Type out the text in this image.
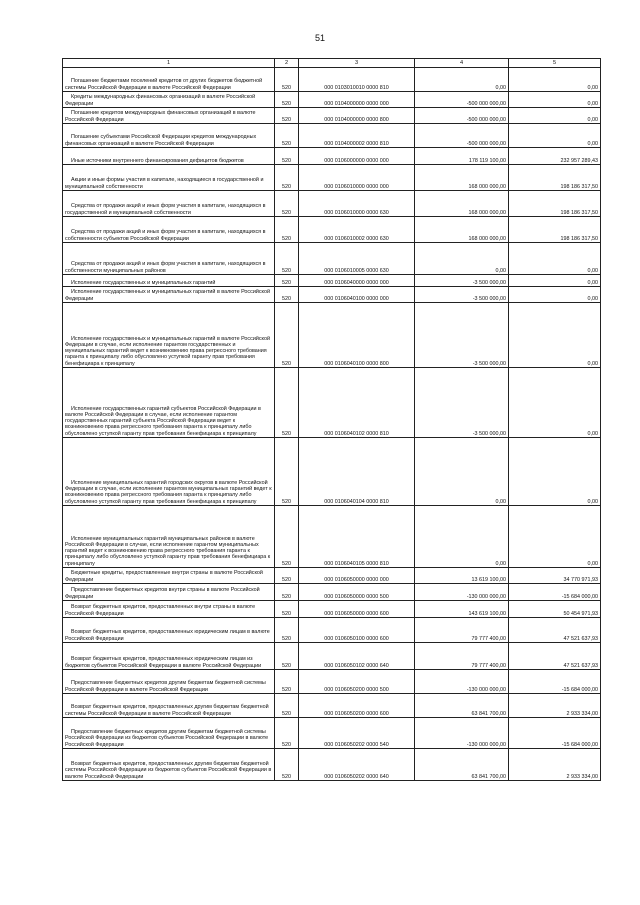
51
1	2	3	4	5
Погашение бюджетами поселений кредитов от других бюджетов бюджетной системы Российской Федерации в валюте Российской Федерации	520	000 0103010010 0000 810	0,00	0,00
Кредиты международных финансовых организаций в валюте Российской Федерации	520	000 0104000000 0000 000	-500 000 000,00	0,00
Погашение кредитов международных финансовых организаций в валюте Российской Федерации	520	000 0104000000 0000 800	-500 000 000,00	0,00
Погашение субъектами Российской Федерации кредитов международных финансовых организаций в валюте Российской Федерации	520	000 0104000002 0000 810	-500 000 000,00	0,00
Иные источники внутреннего финансирования дефицитов бюджетов	520	000 0106000000 0000 000	178 119 100,00	232 957 289,43
Акции и иные формы участия в капитале, находящиеся в государственной и муниципальной собственности	520	000 0106010000 0000 000	168 000 000,00	198 186 317,50
Средства от продажи акций и иных форм участия в капитале, находящихся в государственной и муниципальной собственности	520	000 0106010000 0000 630	168 000 000,00	198 186 317,50
Средства от продажи акций и иных форм участия в капитале, находящихся в собственности субъектов Российской Федерации	520	000 0106010002 0000 630	168 000 000,00	198 186 317,50
Средства от продажи акций и иных форм участия в капитале, находящихся в собственности муниципальных районов	520	000 0106010005 0000 630	0,00	0,00
Исполнение государственных и муниципальных гарантий	520	000 0106040000 0000 000	-3 500 000,00	0,00
Исполнение государственных и муниципальных гарантий в валюте Российской Федерации	520	000 0106040100 0000 000	-3 500 000,00	0,00
Исполнение государственных и муниципальных гарантий в валюте Российской Федерации в случае, если исполнение гарантом государственных и муниципальных гарантий ведет к возникновению права регрессного требования гаранта к принципалу либо обусловлено уступкой гаранту прав требования бенефициара к принципалу	520	000 0106040100 0000 800	-3 500 000,00	0,00
Исполнение государственных гарантий субъектов Российской Федерации в валюте Российской Федерации в случае, если исполнение гарантом государственных гарантий субъекта Российской Федерации ведет к возникновению права регрессного требования гаранта к принципалу либо обусловлено уступкой гаранту прав требования бенефициара к принципалу	520	000 0106040102 0000 810	-3 500 000,00	0,00
Исполнение муниципальных гарантий городских округов в валюте Российской Федерации в случае, если исполнение гарантом муниципальных гарантий ведет к возникновению права регрессного требования гаранта к принципалу либо обусловлено уступкой гаранту прав требования бенефициара к принципалу	520	000 0106040104 0000 810	0,00	0,00
Исполнение муниципальных гарантий муниципальных районов в валюте Российской Федерации в случае, если исполнение гарантом муниципальных гарантий ведет к возникновению права регрессного требования гаранта к принципалу либо обусловлено уступкой гаранту прав требования бенефициара к принципалу	520	000 0106040105 0000 810	0,00	0,00
Бюджетные кредиты, предоставленные внутри страны в валюте Российской Федерации	520	000 0106050000 0000 000	13 619 100,00	34 770 971,93
Предоставление бюджетных кредитов внутри страны в валюте Российской Федерации	520	000 0106050000 0000 500	-130 000 000,00	-15 684 000,00
Возврат бюджетных кредитов, предоставленных внутри страны в валюте Российской Федерации	520	000 0106050000 0000 600	143 619 100,00	50 454 971,93
Возврат бюджетных кредитов, предоставленных юридическим лицам в валюте Российской Федерации	520	000 0106050100 0000 600	79 777 400,00	47 521 637,93
Возврат бюджетных кредитов, предоставленных юридическим лицам из бюджетов субъектов Российской Федерации в валюте Российской Федерации	520	000 0106050102 0000 640	79 777 400,00	47 521 637,93
Предоставление бюджетных кредитов другим бюджетам бюджетной системы Российской Федерации в валюте Российской Федерации	520	000 0106050200 0000 500	-130 000 000,00	-15 684 000,00
Возврат бюджетных кредитов, предоставленных другим бюджетам бюджетной системы Российской Федерации в валюте Российской Федерации	520	000 0106050200 0000 600	63 841 700,00	2 933 334,00
Предоставление бюджетных кредитов другим бюджетам бюджетной системы Российской Федерации из бюджетов субъектов Российской Федерации в валюте Российской Федерации	520	000 0106050202 0000 540	-130 000 000,00	-15 684 000,00
Возврат бюджетных кредитов, предоставленных другим бюджетам бюджетной системы Российской Федерации из бюджетов субъектов Российской Федерации в валюте Российской Федерации	520	000 0106050202 0000 640	63 841 700,00	2 933 334,00
